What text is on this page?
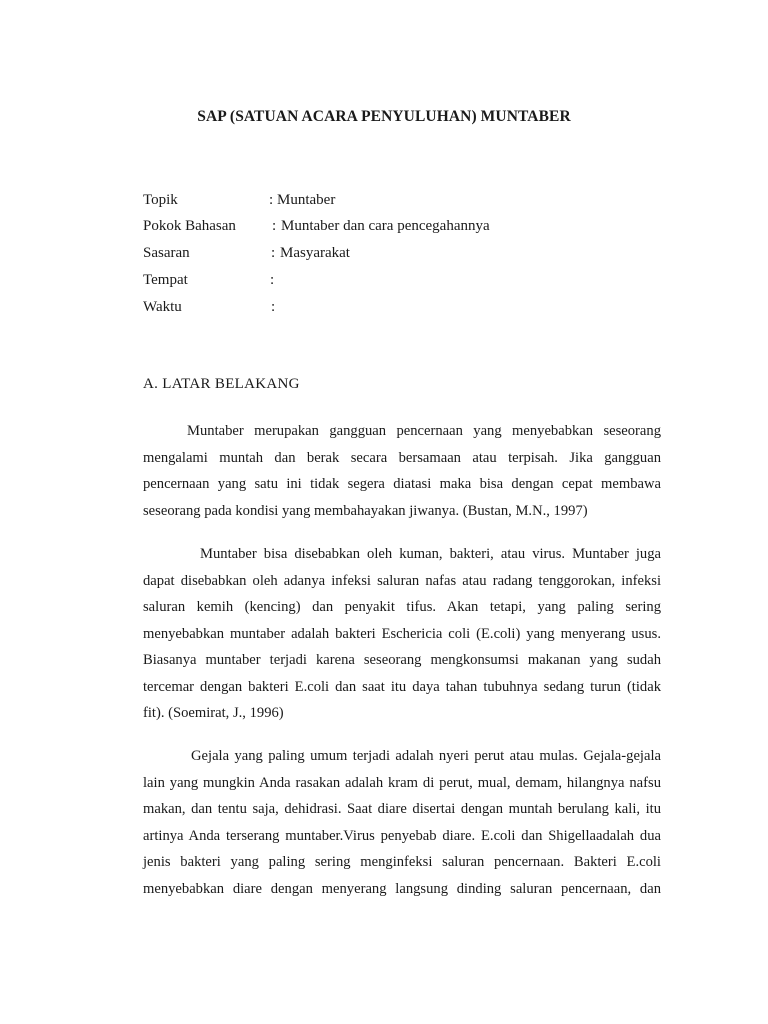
SAP (SATUAN ACARA PENYULUHAN) MUNTABER
Topik	: Muntaber
Pokok Bahasan : Muntaber dan cara pencegahannya
Sasaran	: Masyarakat
Tempat	:
Waktu	:
A. LATAR BELAKANG
Muntaber merupakan gangguan pencernaan yang menyebabkan seseorang
mengalami muntah dan berak secara bersamaan atau terpisah. Jika gangguan
pencernaan yang satu ini tidak segera diatasi maka bisa dengan cepat membawa
seseorang pada kondisi yang membahayakan jiwanya. (Bustan, M.N., 1997)
Muntaber bisa disebabkan oleh kuman, bakteri, atau virus. Muntaber juga
dapat disebabkan oleh adanya infeksi saluran nafas atau radang tenggorokan, infeksi
saluran kemih (kencing) dan penyakit tifus. Akan tetapi, yang paling sering
menyebabkan muntaber adalah bakteri Eschericia coli (E.coli) yang menyerang usus.
Biasanya muntaber terjadi karena seseorang mengkonsumsi makanan yang sudah
tercemar dengan bakteri E.coli dan saat itu daya tahan tubuhnya sedang turun (tidak
fit). (Soemirat, J., 1996)
Gejala yang paling umum terjadi adalah nyeri perut atau mulas. Gejala-gejala
lain yang mungkin Anda rasakan adalah kram di perut, mual, demam, hilangnya nafsu
makan, dan tentu saja, dehidrasi. Saat diare disertai dengan muntah berulang kali, itu
artinya Anda terserang muntaber.Virus penyebab diare. E.coli dan Shigellaadalah dua
jenis bakteri yang paling sering menginfeksi saluran pencernaan. Bakteri E.coli
menyebabkan diare dengan menyerang langsung dinding saluran pencernaan, dan
